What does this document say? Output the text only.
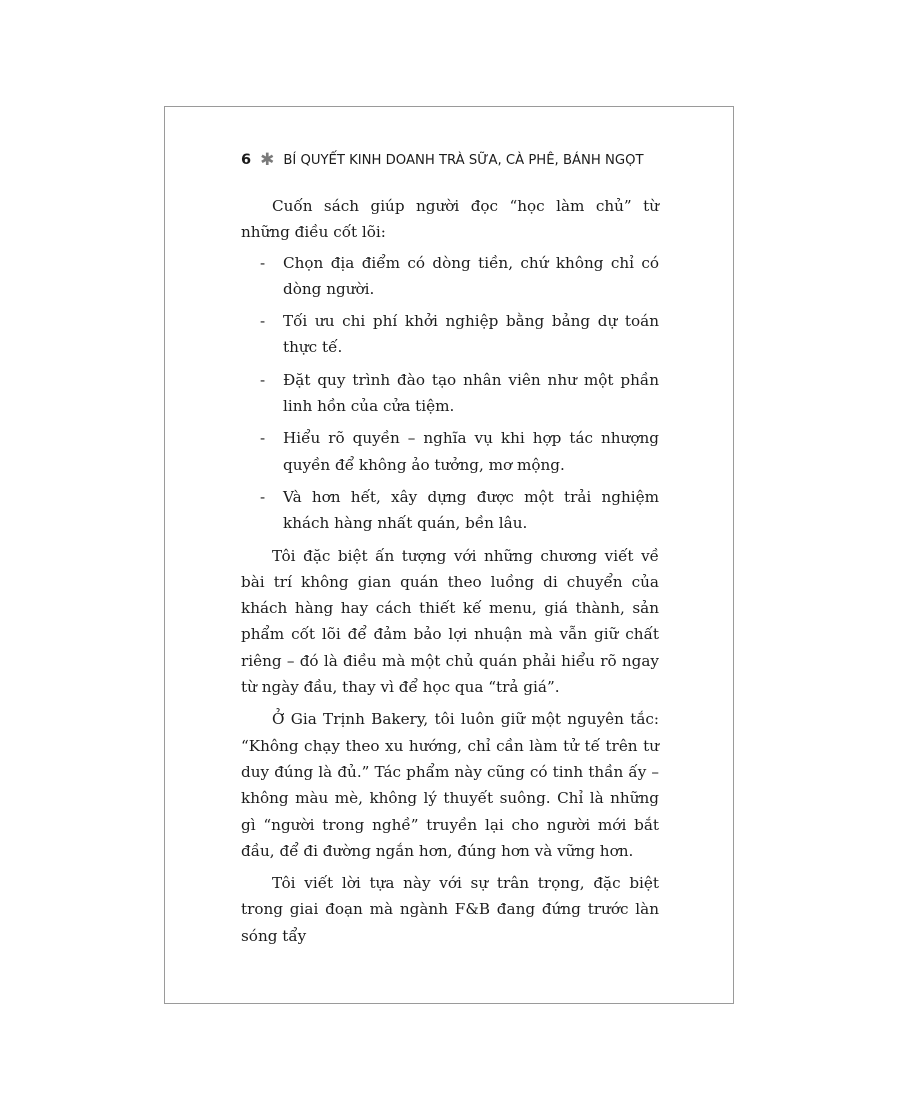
6 ✱ BÍ QUYẾT KINH DOANH TRÀ SỮA, CÀ PHÊ, BÁNH NGỌT

Cuốn sách giúp người đọc “học làm chủ” từ những điều cốt lõi:

- Chọn địa điểm có dòng tiền, chứ không chỉ có dòng người.
- Tối ưu chi phí khởi nghiệp bằng bảng dự toán thực tế.
- Đặt quy trình đào tạo nhân viên như một phần linh hồn của cửa tiệm.
- Hiểu rõ quyền – nghĩa vụ khi hợp tác nhượng quyền để không ảo tưởng, mơ mộng.
- Và hơn hết, xây dựng được một trải nghiệm khách hàng nhất quán, bền lâu.

Tôi đặc biệt ấn tượng với những chương viết về bài trí không gian quán theo luồng di chuyển của khách hàng hay cách thiết kế menu, giá thành, sản phẩm cốt lõi để đảm bảo lợi nhuận mà vẫn giữ chất riêng – đó là điều mà một chủ quán phải hiểu rõ ngay từ ngày đầu, thay vì để học qua “trả giá”.

Ở Gia Trịnh Bakery, tôi luôn giữ một nguyên tắc: “Không chạy theo xu hướng, chỉ cần làm tử tế trên tư duy đúng là đủ.” Tác phẩm này cũng có tinh thần ấy – không màu mè, không lý thuyết suông. Chỉ là những gì “người trong nghề” truyền lại cho người mới bắt đầu, để đi đường ngắn hơn, đúng hơn và vững hơn.

Tôi viết lời tựa này với sự trân trọng, đặc biệt trong giai đoạn mà ngành F&B đang đứng trước làn sóng tẩy
